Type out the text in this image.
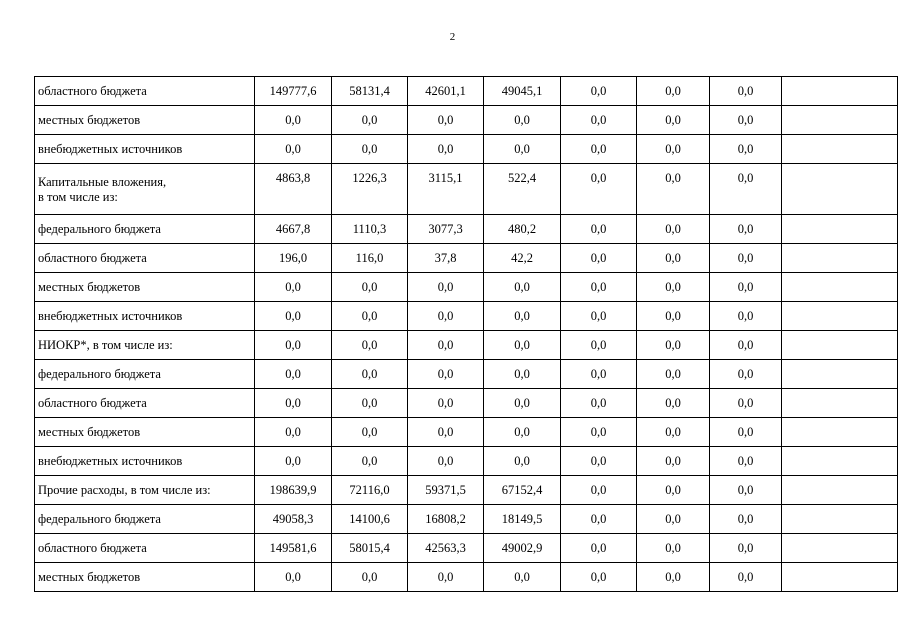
2
областного бюджета	149777,6	58131,4	42601,1	49045,1	0,0	0,0	0,0	
местных бюджетов	0,0	0,0	0,0	0,0	0,0	0,0	0,0	
внебюджетных источников	0,0	0,0	0,0	0,0	0,0	0,0	0,0	
Капитальные вложения,
в том числе из:	4863,8	1226,3	3115,1	522,4	0,0	0,0	0,0	
федерального бюджета	4667,8	1110,3	3077,3	480,2	0,0	0,0	0,0	
областного бюджета	196,0	116,0	37,8	42,2	0,0	0,0	0,0	
местных бюджетов	0,0	0,0	0,0	0,0	0,0	0,0	0,0	
внебюджетных источников	0,0	0,0	0,0	0,0	0,0	0,0	0,0	
НИОКР*, в том числе из:	0,0	0,0	0,0	0,0	0,0	0,0	0,0	
федерального бюджета	0,0	0,0	0,0	0,0	0,0	0,0	0,0	
областного бюджета	0,0	0,0	0,0	0,0	0,0	0,0	0,0	
местных бюджетов	0,0	0,0	0,0	0,0	0,0	0,0	0,0	
внебюджетных источников	0,0	0,0	0,0	0,0	0,0	0,0	0,0	
Прочие расходы, в том числе из:	198639,9	72116,0	59371,5	67152,4	0,0	0,0	0,0	
федерального бюджета	49058,3	14100,6	16808,2	18149,5	0,0	0,0	0,0	
областного бюджета	149581,6	58015,4	42563,3	49002,9	0,0	0,0	0,0	
местных бюджетов	0,0	0,0	0,0	0,0	0,0	0,0	0,0	
